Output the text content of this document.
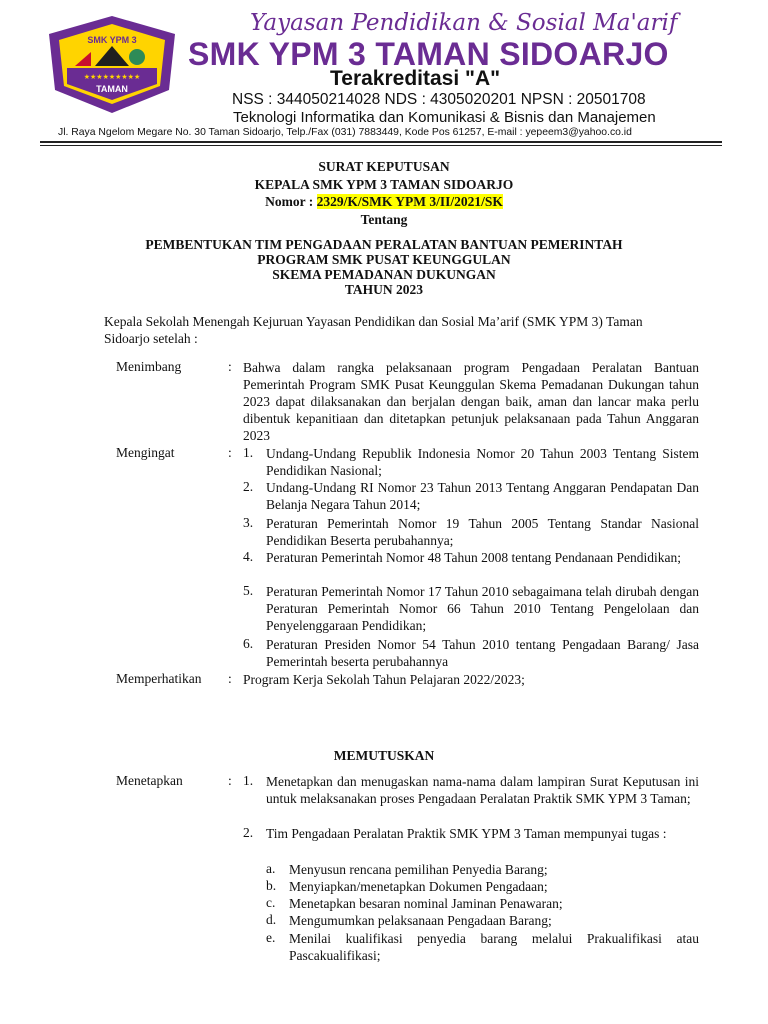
SMK YPM 3
★★★★★★★★★
TAMAN
Yayasan Pendidikan & Sosial Ma'arif
SMK YPM 3 TAMAN SIDOARJO
Terakreditasi "A"
NSS : 344050214028 NDS : 4305020201 NPSN : 20501708
Teknologi Informatika dan Komunikasi & Bisnis dan Manajemen
Jl. Raya Ngelom Megare No. 30 Taman Sidoarjo, Telp./Fax (031) 7883449, Kode Pos 61257, E-mail : yepeem3@yahoo.co.id
SURAT KEPUTUSAN
KEPALA SMK YPM 3 TAMAN SIDOARJO
Nomor : 2329/K/SMK YPM 3/II/2021/SK
Tentang
PEMBENTUKAN TIM PENGADAAN PERALATAN BANTUAN PEMERINTAH
PROGRAM SMK PUSAT KEUNGGULAN
SKEMA PEMADANAN DUKUNGAN
TAHUN 2023
Kepala Sekolah Menengah Kejuruan Yayasan Pendidikan dan Sosial Ma’arif (SMK YPM 3) Taman Sidoarjo setelah :
Menimbang	: Bahwa dalam rangka pelaksanaan program Pengadaan Peralatan Bantuan Pemerintah Program SMK Pusat Keunggulan Skema Pemadanan Dukungan tahun 2023 dapat dilaksanakan dan berjalan dengan baik, aman dan lancar maka perlu dibentuk kepanitiaan dan ditetapkan petunjuk pelaksanaan pada Tahun Anggaran 2023
Mengingat	: 1. Undang-Undang Republik Indonesia Nomor 20 Tahun 2003 Tentang Sistem Pendidikan Nasional;
2. Undang-Undang RI Nomor 23 Tahun 2013 Tentang Anggaran Pendapatan Dan Belanja Negara Tahun 2014;
3. Peraturan Pemerintah Nomor 19 Tahun 2005 Tentang Standar Nasional Pendidikan Beserta perubahannya;
4. Peraturan Pemerintah Nomor 48 Tahun 2008 tentang Pendanaan Pendidikan;
5. Peraturan Pemerintah Nomor 17 Tahun 2010 sebagaimana telah dirubah dengan Peraturan Pemerintah Nomor 66 Tahun 2010 Tentang Pengelolaan dan Penyelenggaraan Pendidikan;
6. Peraturan Presiden Nomor 54 Tahun 2010 tentang Pengadaan Barang/ Jasa Pemerintah beserta perubahannya
Memperhatikan : Program Kerja Sekolah Tahun Pelajaran 2022/2023;
MEMUTUSKAN
Menetapkan	: 1. Menetapkan dan menugaskan nama-nama dalam lampiran Surat Keputusan ini untuk melaksanakan proses Pengadaan Peralatan Praktik SMK YPM 3 Taman;
2. Tim Pengadaan Peralatan Praktik SMK YPM 3 Taman mempunyai tugas :
a. Menyusun rencana pemilihan Penyedia Barang;
b. Menyiapkan/menetapkan Dokumen Pengadaan;
c. Menetapkan besaran nominal Jaminan Penawaran;
d. Mengumumkan pelaksanaan Pengadaan Barang;
e. Menilai kualifikasi penyedia barang melalui Prakualifikasi atau Pascakualifikasi;
